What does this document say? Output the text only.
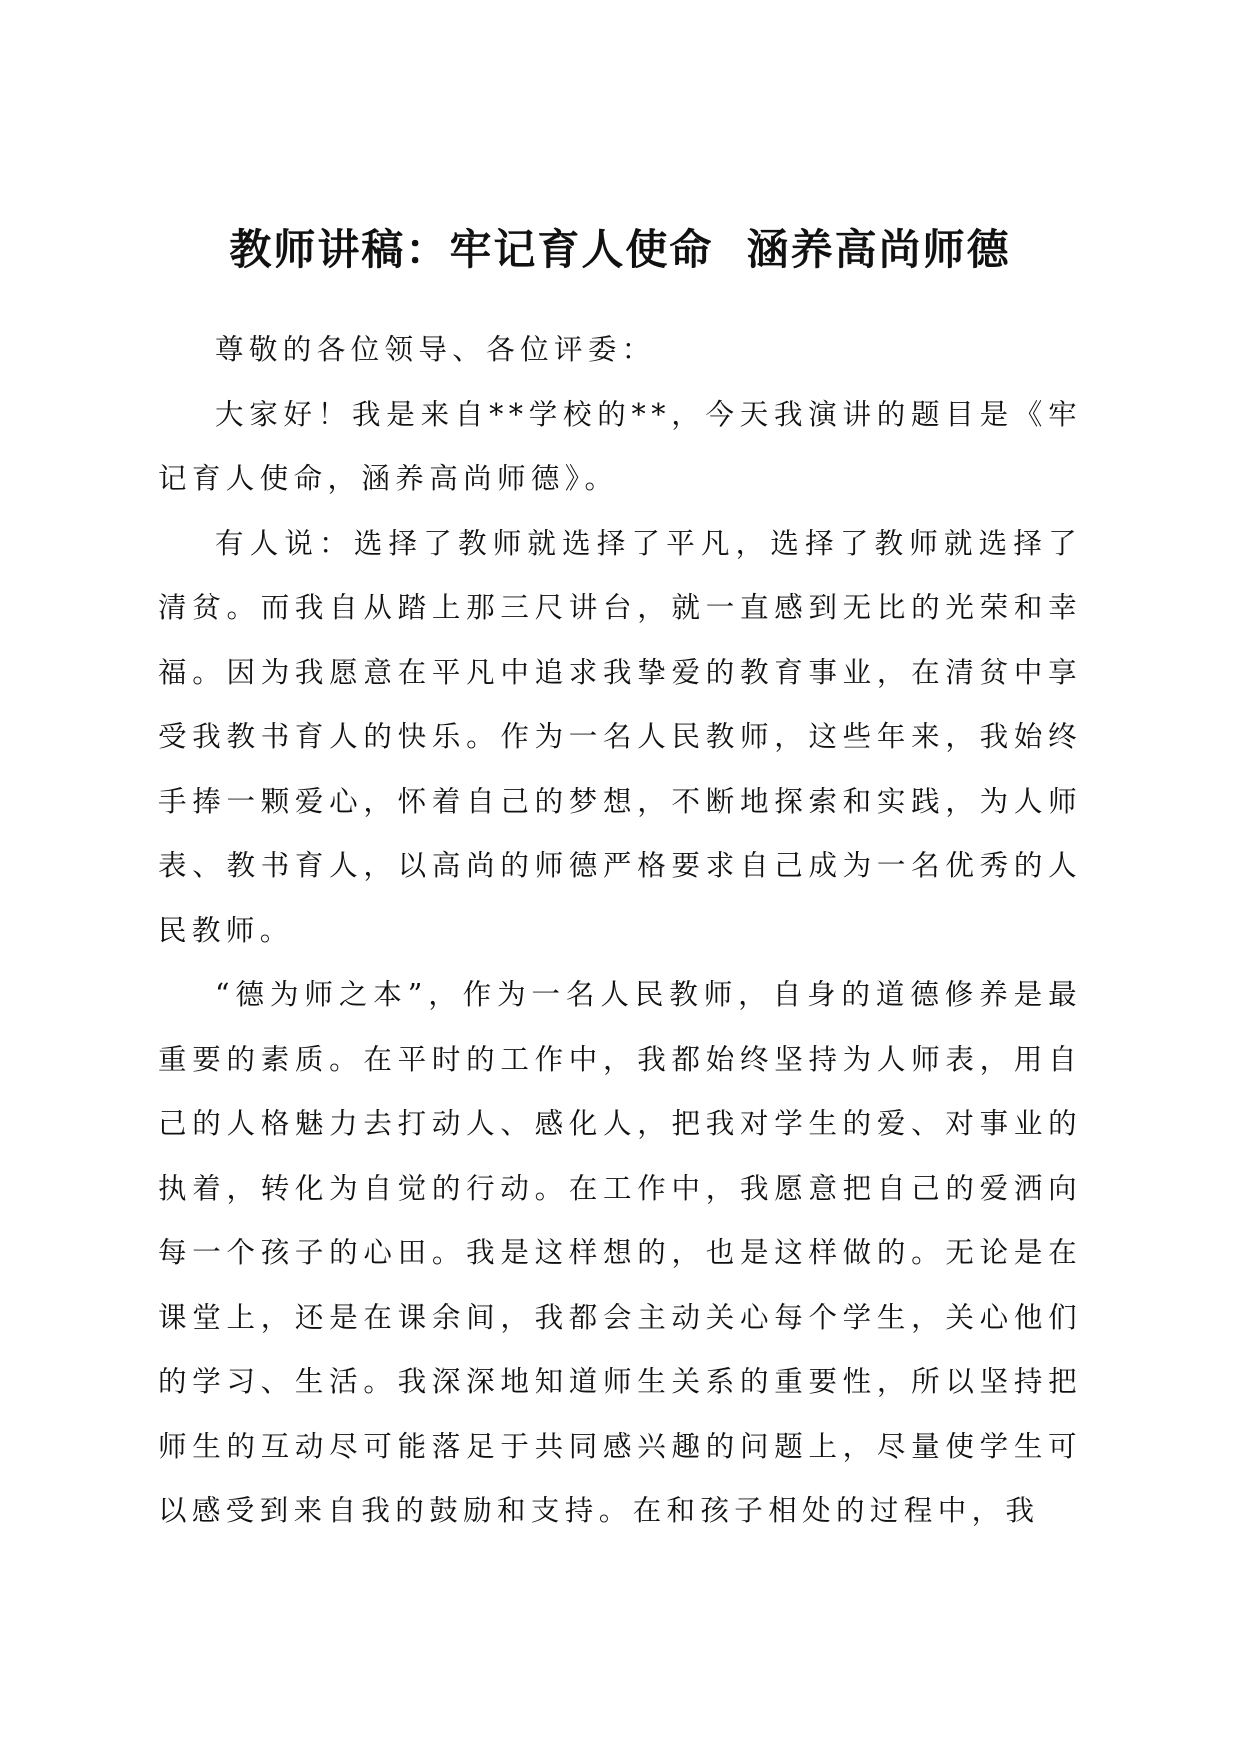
教师讲稿：牢记育人使命  涵养高尚师德

尊敬的各位领导、各位评委：

大家好！我是来自**学校的**，今天我演讲的题目是《牢记育人使命，涵养高尚师德》。

有人说：选择了教师就选择了平凡，选择了教师就选择了清贫。而我自从踏上那三尺讲台，就一直感到无比的光荣和幸福。因为我愿意在平凡中追求我挚爱的教育事业，在清贫中享受我教书育人的快乐。作为一名人民教师，这些年来，我始终手捧一颗爱心，怀着自己的梦想，不断地探索和实践，为人师表、教书育人，以高尚的师德严格要求自己成为一名优秀的人民教师。

“德为师之本”，作为一名人民教师，自身的道德修养是最重要的素质。在平时的工作中，我都始终坚持为人师表，用自己的人格魅力去打动人、感化人，把我对学生的爱、对事业的执着，转化为自觉的行动。在工作中，我愿意把自己的爱洒向每一个孩子的心田。我是这样想的，也是这样做的。无论是在课堂上，还是在课余间，我都会主动关心每个学生，关心他们的学习、生活。我深深地知道师生关系的重要性，所以坚持把师生的互动尽可能落足于共同感兴趣的问题上，尽量使学生可以感受到来自我的鼓励和支持。在和孩子相处的过程中，我
